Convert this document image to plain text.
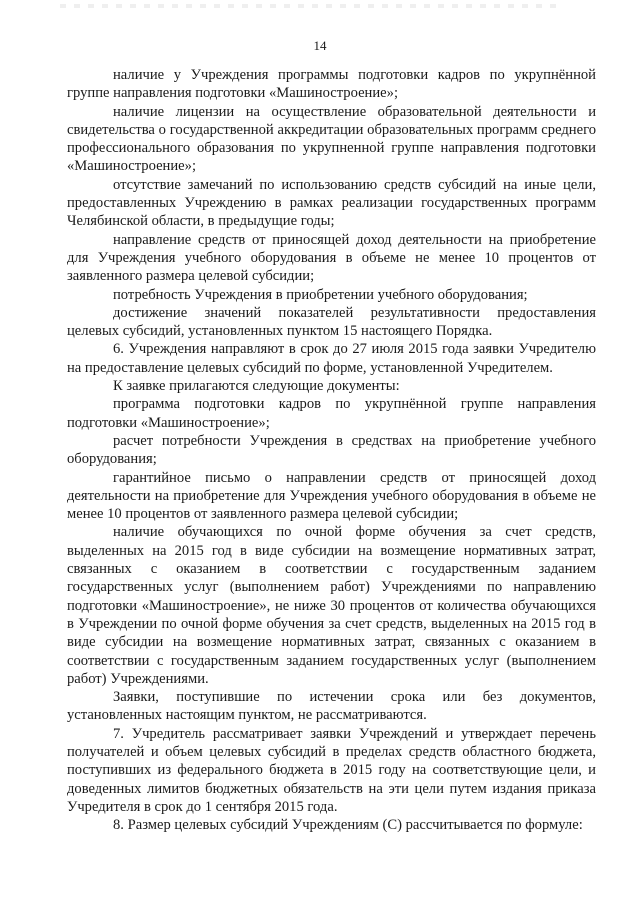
14

наличие у Учреждения программы подготовки кадров по укрупнённой группе направления подготовки «Машиностроение»;

наличие лицензии на осуществление образовательной деятельности и свидетельства о государственной аккредитации образовательных программ среднего профессионального образования по укрупненной группе направления подготовки «Машиностроение»;

отсутствие замечаний по использованию средств субсидий на иные цели, предоставленных Учреждению в рамках реализации государственных программ Челябинской области, в предыдущие годы;

направление средств от приносящей доход деятельности на приобретение для Учреждения учебного оборудования в объеме не менее 10 процентов от заявленного размера целевой субсидии;

потребность Учреждения в приобретении учебного оборудования;

достижение значений показателей результативности предоставления целевых субсидий, установленных пунктом 15 настоящего Порядка.

6. Учреждения направляют в срок до 27 июля 2015 года заявки Учредителю на предоставление целевых субсидий по форме, установленной Учредителем.

К заявке прилагаются следующие документы:

программа подготовки кадров по укрупнённой группе направления подготовки «Машиностроение»;

расчет потребности Учреждения в средствах на приобретение учебного оборудования;

гарантийное письмо о направлении средств от приносящей доход деятельности на приобретение для Учреждения учебного оборудования в объеме не менее 10 процентов от заявленного размера целевой субсидии;

наличие обучающихся по очной форме обучения за счет средств, выделенных на 2015 год в виде субсидии на возмещение нормативных затрат, связанных с оказанием в соответствии с государственным заданием государственных услуг (выполнением работ) Учреждениями по направлению подготовки «Машиностроение», не ниже 30 процентов от количества обучающихся в Учреждении по очной форме обучения за счет средств, выделенных на 2015 год в виде субсидии на возмещение нормативных затрат, связанных с оказанием в соответствии с государственным заданием государственных услуг (выполнением работ) Учреждениями.

Заявки, поступившие по истечении срока или без документов, установленных настоящим пунктом, не рассматриваются.

7. Учредитель рассматривает заявки Учреждений и утверждает перечень получателей и объем целевых субсидий в пределах средств областного бюджета, поступивших из федерального бюджета в 2015 году на соответствующие цели, и доведенных лимитов бюджетных обязательств на эти цели путем издания приказа Учредителя в срок до 1 сентября 2015 года.

8. Размер целевых субсидий Учреждениям (С) рассчитывается по формуле:
